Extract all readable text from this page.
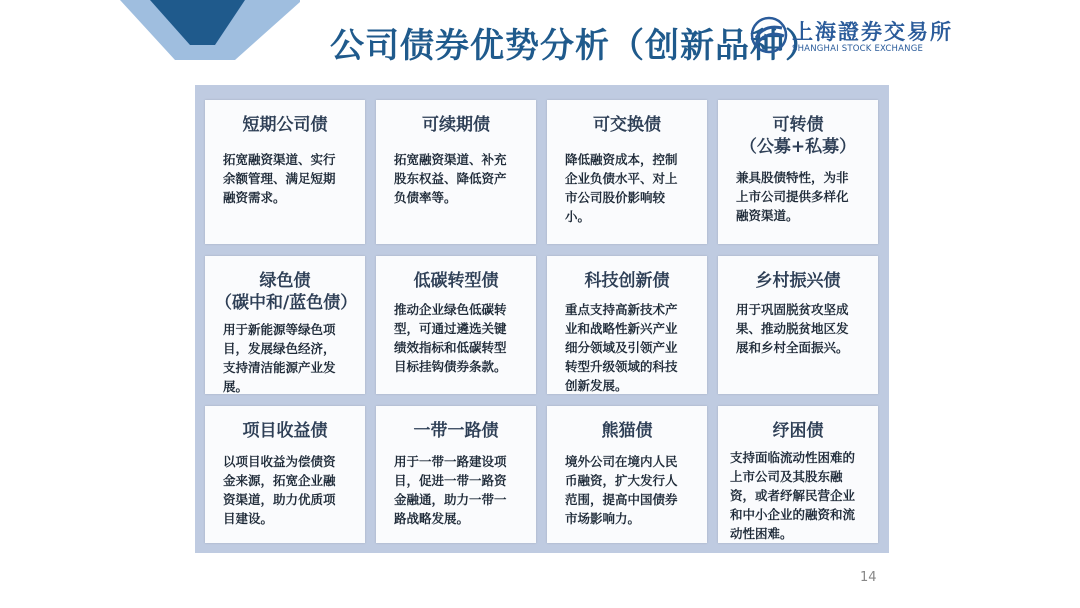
公司债券优势分析（创新品种）
上海證券交易所
SHANGHAI STOCK EXCHANGE
短期公司债
拓宽融资渠道、实行余额管理、满足短期融资需求。
可续期债
拓宽融资渠道、补充股东权益、降低资产负债率等。
可交换债
降低融资成本，控制企业负债水平、对上市公司股价影响较小。
可转债
（公募+私募）
兼具股债特性，为非上市公司提供多样化融资渠道。
绿色债
（碳中和/蓝色债）
用于新能源等绿色项目，发展绿色经济，支持清洁能源产业发展。
低碳转型债
推动企业绿色低碳转型，可通过遴选关键绩效指标和低碳转型目标挂钩债券条款。
科技创新债
重点支持高新技术产业和战略性新兴产业细分领域及引领产业转型升级领域的科技创新发展。
乡村振兴债
用于巩固脱贫攻坚成果、推动脱贫地区发展和乡村全面振兴。
项目收益债
以项目收益为偿债资金来源，拓宽企业融资渠道，助力优质项目建设。
一带一路债
用于一带一路建设项目，促进一带一路资金融通，助力一带一路战略发展。
熊猫债
境外公司在境内人民币融资，扩大发行人范围，提高中国债券市场影响力。
纾困债
支持面临流动性困难的上市公司及其股东融资，或者纾解民营企业和中小企业的融资和流动性困难。
14
